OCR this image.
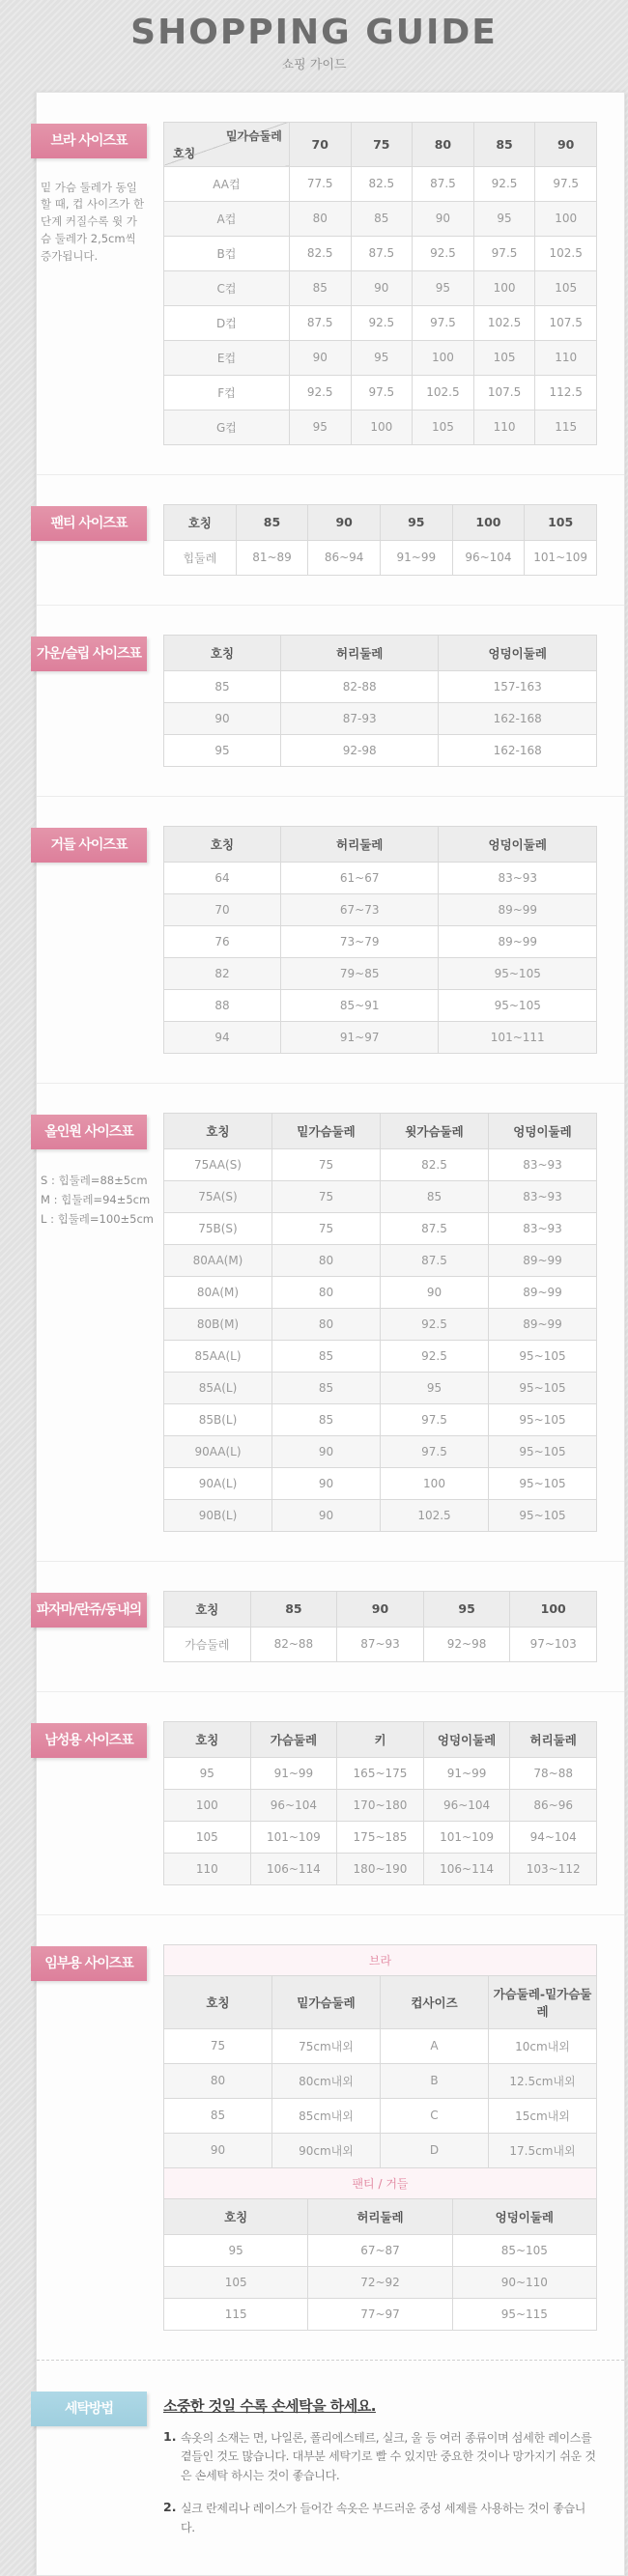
SHOPPING GUIDE
쇼핑 가이드
브라 사이즈표
밑 가슴 둘레가 동일할 때, 컵 사이즈가 한 단계 커질수록 윗 가슴 둘레가 2,5cm씩 증가됩니다.
밑가슴둘레
호칭	70	75	80	85	90
AA컵	77.5	82.5	87.5	92.5	97.5
A컵	80	85	90	95	100
B컵	82.5	87.5	92.5	97.5	102.5
C컵	85	90	95	100	105
D컵	87.5	92.5	97.5	102.5	107.5
E컵	90	95	100	105	110
F컵	92.5	97.5	102.5	107.5	112.5
G컵	95	100	105	110	115
팬티 사이즈표	호칭	85	90	95	100	105
힙둘레	81~89	86~94	91~99	96~104	101~109
가운/슬립 사이즈표	호칭	허리둘레	엉덩이둘레
85	82-88	157-163
90	87-93	162-168
95	92-98	162-168
거들 사이즈표	호칭	허리둘레	엉덩이둘레
64	61~67	83~93
70	67~73	89~99
76	73~79	89~99
82	79~85	95~105
88	85~91	95~105
94	91~97	101~111
올인원 사이즈표
S : 힙둘레=88±5cm
M : 힙둘레=94±5cm
L : 힙둘레=100±5cm
호칭	밑가슴둘레	윗가슴둘레	엉덩이둘레
75AA(S)	75	82.5	83~93
75A(S)	75	85	83~93
75B(S)	75	87.5	83~93
80AA(M)	80	87.5	89~99
80A(M)	80	90	89~99
80B(M)	80	92.5	89~99
85AA(L)	85	92.5	95~105
85A(L)	85	95	95~105
85B(L)	85	97.5	95~105
90AA(L)	90	97.5	95~105
90A(L)	90	100	95~105
90B(L)	90	102.5	95~105
파자마/란쥬/동내의	호칭	85	90	95	100
가슴둘레	82~88	87~93	92~98	97~103
남성용 사이즈표	호칭	가슴둘레	키	엉덩이둘레	허리둘레
95	91~99	165~175	91~99	78~88
100	96~104	170~180	96~104	86~96
105	101~109	175~185	101~109	94~104
110	106~114	180~190	106~114	103~112
임부용 사이즈표	브라			
호칭	밑가슴둘레	컵사이즈	가슴둘레-밑가슴둘레
75	75cm내외	A	10cm내외
80	80cm내외	B	12.5cm내외
85	85cm내외	C	15cm내외
90	90cm내외	D	17.5cm내외
팬티 / 거들		
호칭	허리둘레	엉덩이둘레
95	67~87	85~105
105	72~92	90~110
115	77~97	95~115
세탁방법	소중한 것일 수록 손세탁을 하세요.
1. 속옷의 소재는 면, 나일론, 폴리에스테르, 실크, 울 등 여러 종류이며 섬세한 레이스를 곁들인 것도 많습니다. 대부분 세탁기로 빨 수 있지만 중요한 것이나 망가지기 쉬운 것은 손세탁 하시는 것이 좋습니다.
2. 실크 란제리나 레이스가 들어간 속옷은 부드러운 중성 세제를 사용하는 것이 좋습니다.
